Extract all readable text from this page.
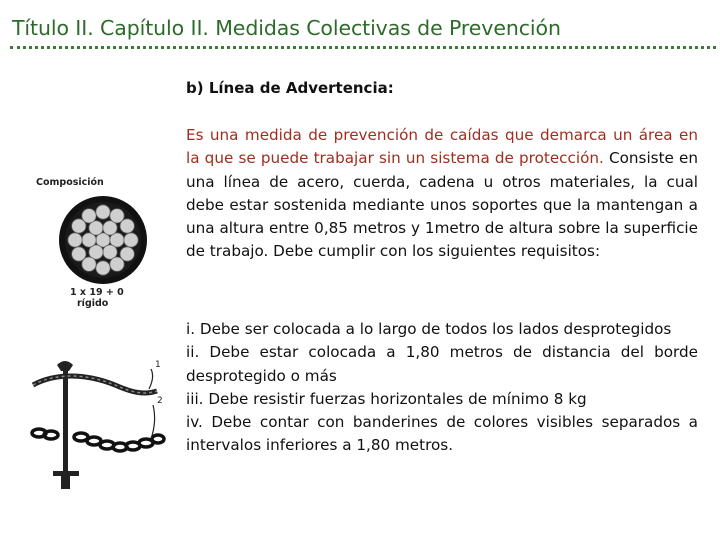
Título II. Capítulo II. Medidas Colectivas de Prevención
b) Línea de Advertencia:
Es una medida de prevención de caídas que demarca un área en la que se puede trabajar sin un sistema de protección. Consiste en una línea de acero, cuerda, cadena u otros materiales, la cual debe estar sostenida mediante unos soportes que la mantengan a una altura entre 0,85 metros y 1metro de altura sobre la superficie de trabajo. Debe cumplir con los siguientes requisitos:

i. Debe ser colocada a lo largo de todos los lados desprotegidos

ii. Debe estar colocada a 1,80 metros de distancia del borde desprotegido o más

iii. Debe resistir fuerzas horizontales de mínimo 8 kg

iv. Debe contar con banderines de colores visibles separados a intervalos inferiores a 1,80 metros.

Composición
1 x 19 + 0
rígido
1
2
